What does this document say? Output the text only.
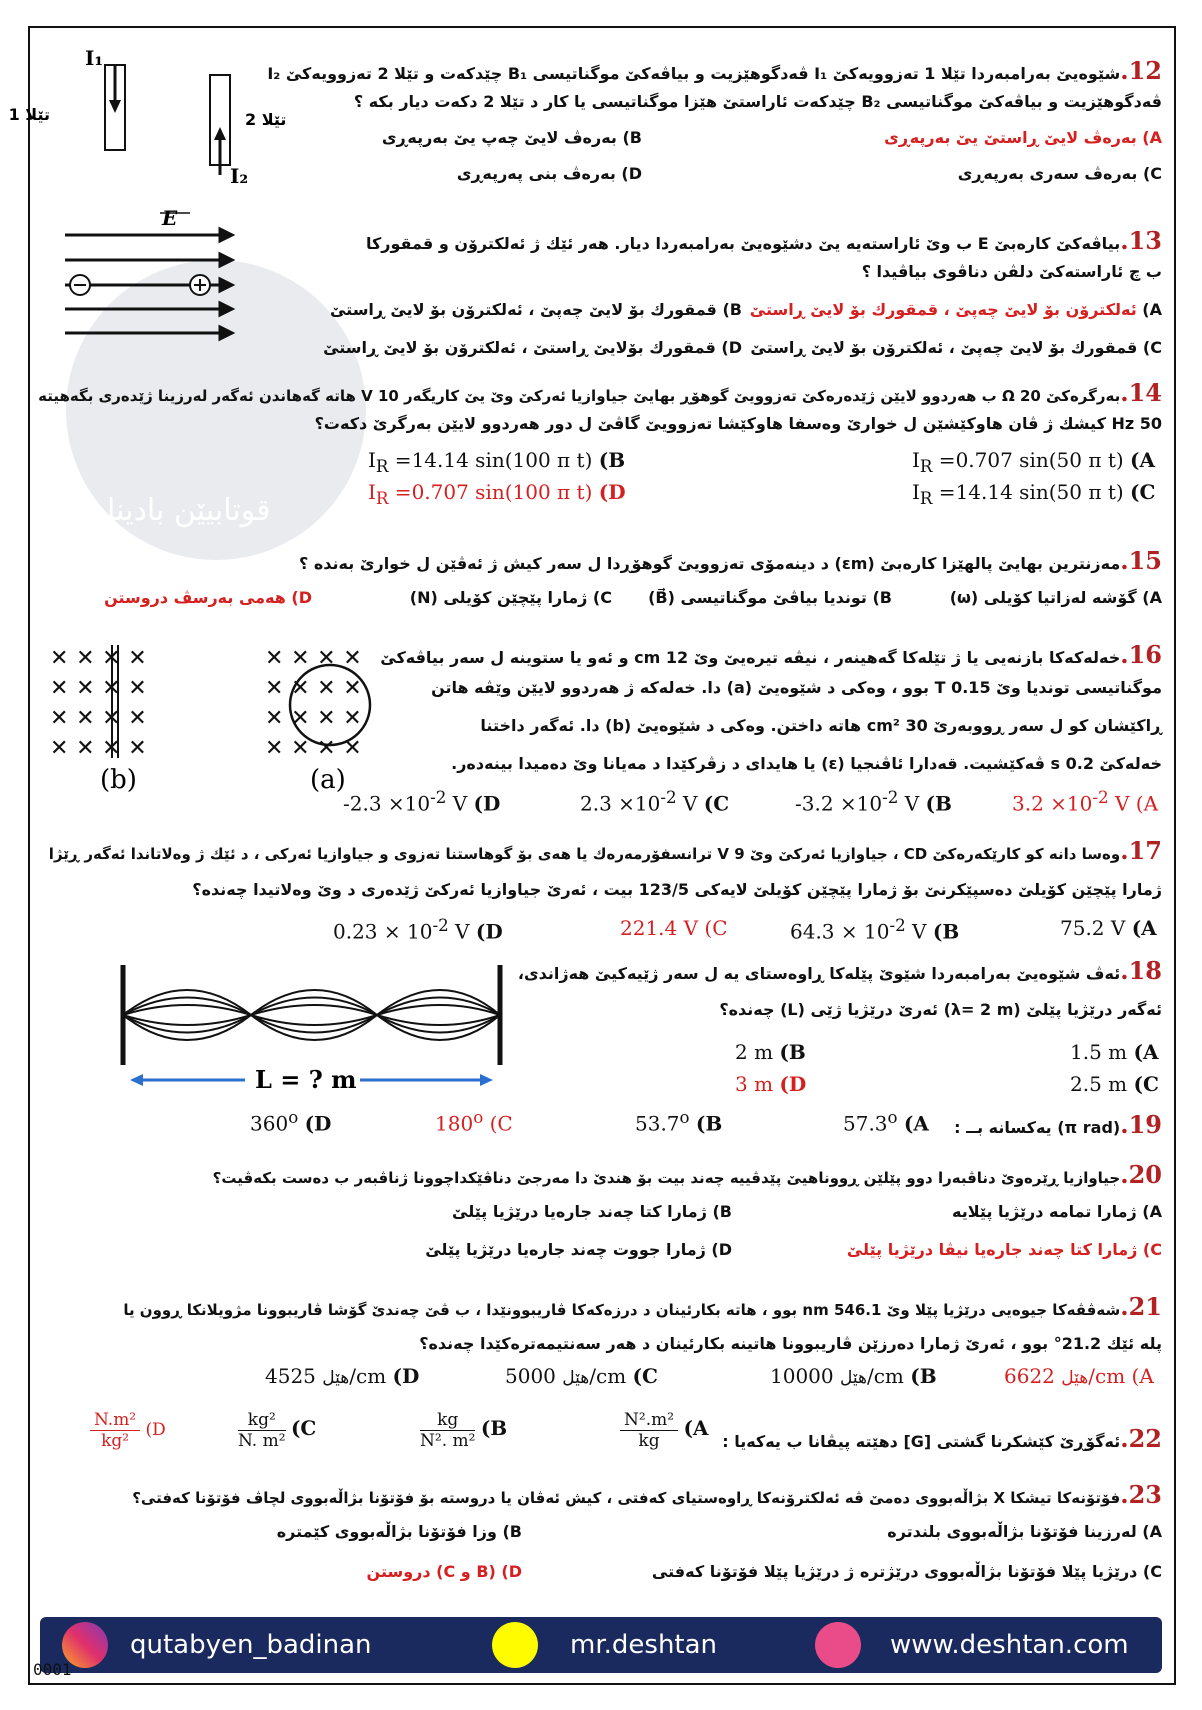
قوتابیێن بادینان
I₁
I₂
تێلا 1	تێلا 2
12.شێوەیێ بەرامبەردا تێلا 1 تەزوویەکێ I₁ ڤەدگوهێزیت و بیاڤەکێ موگناتیسی B₁ چێدکەت و تێلا 2 تەزوویەکێ I₂
ڤەدگوهێزیت و بیاڤەکێ موگناتیسی B₂ چێدکەت ئاراستێ هێزا موگناتیسی یا کار د تێلا 2 دکەت دیار بکە ؟
A) بەرەڤ لایێ ڕاستێ یێ بەرپەڕی
B) بەرەڤ لایێ چەپ یێ بەرپەڕی
C) بەرەڤ سەری بەرپەڕی
D) بەرەڤ بنی پەرپەڕی
E
13.بیاڤەکێ کارەبێ E ب وێ ئاراستەیە یێ دشێوەیێ بەرامبەردا دیار. هەر ئێك ژ ئەلکترۆن و قمقورکا
ب چ ئاراستەکێ دلڤن دناڤوی بیاڤیدا ؟
A) ئەلکترۆن بۆ لایێ چەپێ ، قمقورك بۆ لایێ ڕاستێ
B) قمقورك بۆ لایێ چەپێ ، ئەلکترۆن بۆ لایێ ڕاستێ
C) قمقورك بۆ لایێ چەپێ ، ئەلکترۆن بۆ لایێ ڕاستێ
D) قمقورك بۆلایێ ڕاستێ ، ئەلکترۆن بۆ لایێ ڕاستێ
14.بەرگرەکێ Ω 20 ب هەردوو لایێن ژێدەرەکێ تەزوویێ گوهۆڕ بهایێ جیاوازیا ئەرکێ وێ یێ کاریگەر V 10 هاتە گەهاندن ئەگەر لەرزینا ژێدەری بگەهیتە
50 Hz کیشك ژ ڤان هاوکێشێن ل خوارێ وەسفا هاوکێشا تەزوویێ گاڤێ ل دور هەردوو لایێن بەرگرێ دکەت؟
$I_R =0.707$ sin(50 π t) (A
$I_R =14.14$ sin(100 π t) (B
$I_R =14.14$ sin(50 π t) (C
$I_R =0.707$ sin(100 π t) (D
15.مەزنترین بهایێ پالهێزا کارەبێ (εm) د دینەمۆی تەزوویێ گوهۆڕدا ل سەر کیش ژ ئەڤێن ل خوارێ بەندە ؟
A) گۆشە لەزاتیا کۆیلی (ω)
B) توندیا بیاڤێ موگناتیسی (B⃗)
C) ژمارا پێچێن کۆیلی (N)
D) هەمی بەرسڤ دروستن
✕ ✕ ✕ ✕
✕ ✕ ✕ ✕
✕ ✕ ✕ ✕
✕ ✕ ✕ ✕
✕ ✕ ✕ ✕
✕ ✕ ✕ ✕
✕ ✕ ✕ ✕
✕ ✕ ✕ ✕
(b)	(a)
16.خەلەکەکا بازنەیی یا ژ تێلەکا گەهینەر ، نیڤە تیرەیێ وێ 12 cm و ئەو یا ستوینە ل سەر بیاڤەکێ
موگناتیسی توندیا وێ 0.15 T بوو ، وەکی د شێوەیێ (a) دا. خەلەکە ژ هەردوو لایێن وێڤە هاتن
ڕاکێشان کو ل سەر ڕووبەرێ 30 cm² هاتە داختن. وەکی د شێوەیێ (b) دا. ئەگەر داختنا
خەلەکێ 0.2 s ڤەکێشیت. قەدارا ئاڤنجیا (ε) یا هایدای د زڤرکێدا د مەیانا وێ دەمیدا بینەدەر.
$3.2 \times 10^{-2}$ V (A
$-3.2 \times 10^{-2}$ V (B
$2.3 \times 10^{-2}$ V (C
$-2.3 \times 10^{-2}$ V (D
17.وەسا دانە کو کارێکەرەکێ CD ، جیاوازیا ئەرکێ وێ 9 V ترانسفۆرمەرەك یا هەی بۆ گوهاستنا تەزوی و جیاوازیا ئەرکی ، د ئێك ژ وەلاتاندا ئەگەر ڕێژا
ژمارا پێچێن کۆیلێ دەسپێکرنێ بۆ ژمارا پێچێن کۆیلێ لایەکی 123/5 بیت ، ئەرێ جیاوازیا ئەرکێ ژێدەری د وێ وەلاتیدا چەندە؟
75.2 V (A
$64.3 \times 10^{-2}$ V (B
221.4 V (C
$0.23 \times 10^{-2}$ V (D
L = ? m
18.ئەڤ شێوەیێ بەرامبەردا شێوێ پێلەکا ڕاوەستای یە ل سەر ژێیەکیێ هەژاندی،
ئەگەر درێژیا پێلێ (λ= 2 m) ئەرێ درێژیا ژێی (L) چەندە؟
1.5 m (A
2 m (B
2.5 m (C
3 m (D
19.(π rad) یەکسانە بــ :
57.3$^o$ (A
53.7$^o$ (B
180$^o$ (C
360$^o$ (D
20.جیاوازیا ڕێرەوێ دناڤبەرا دوو پێلێن ڕووناهیێ پێدڤییە چەند بیت بۆ هندێ دا مەرجێ دناڤێکداچوونا ژناڤبەر ب دەست بکەڤیت؟
A) ژمارا تمامە درێژیا پێلایە
B) ژمارا کتا چەند جارەیا درێژیا پێلێ
C) ژمارا کتا چەند جارەیا نیڤا درێژیا پێلێ
D) ژمارا جووت چەند جارەیا درێژیا پێلێ
21.شەڤڤەکا جیوەیی درێژیا پێلا وێ 546.1 nm بوو ، هاتە بکارئینان د درزەکەکا ڤاریبوونێدا ، ب ڤێ چەندێ گۆشا ڤاریبوونا مژویلانکا ڕوون یا
پلە ئێك 21.2° بوو ، ئەرێ ژمارا دەرزێن ڤاریبوونا هاتینە بکارئینان د هەر سەنتیمەترەکێدا چەندە؟
6622 هێل/cm (A
10000 هێل/cm (B
5000 هێل/cm (C
4525 هێل/cm (D
22.ئەگۆڕێ کێشکرنا گشتی [G] دهێتە پیڤانا ب یەکەیا :
$\frac{\text{N².m²}}{kg} (A$
$\frac{kg}{\text{N². m²}} (B$
$\frac{\text{kg²}}{\text{N. m²}} (C$
$\frac{\text{N.m²}}{\text{kg²}} (D$
23.فۆتۆنەکا تیشکا X بژاڵەبووی دەمێ ڤە ئەلکترۆنەکا ڕاوەستیای کەفتی ، کیش ئەڤان یا دروستە بۆ فۆتۆنا بژاڵەبووی لچاڤ فۆتۆنا کەفتی؟
A) لەرزینا فۆتۆنا بژاڵەبووی بلندترە
B) وزا فۆتۆنا بژاڵەبووی کێمترە
C) درێژیا پێلا فۆتۆنا بژاڵەبووی درێژترە ژ درێژیا پێلا فۆتۆنا کەفتی
D) (B و C) دروستن
qutabyen_badinan	mr.deshtan	www.deshtan.com
0001
